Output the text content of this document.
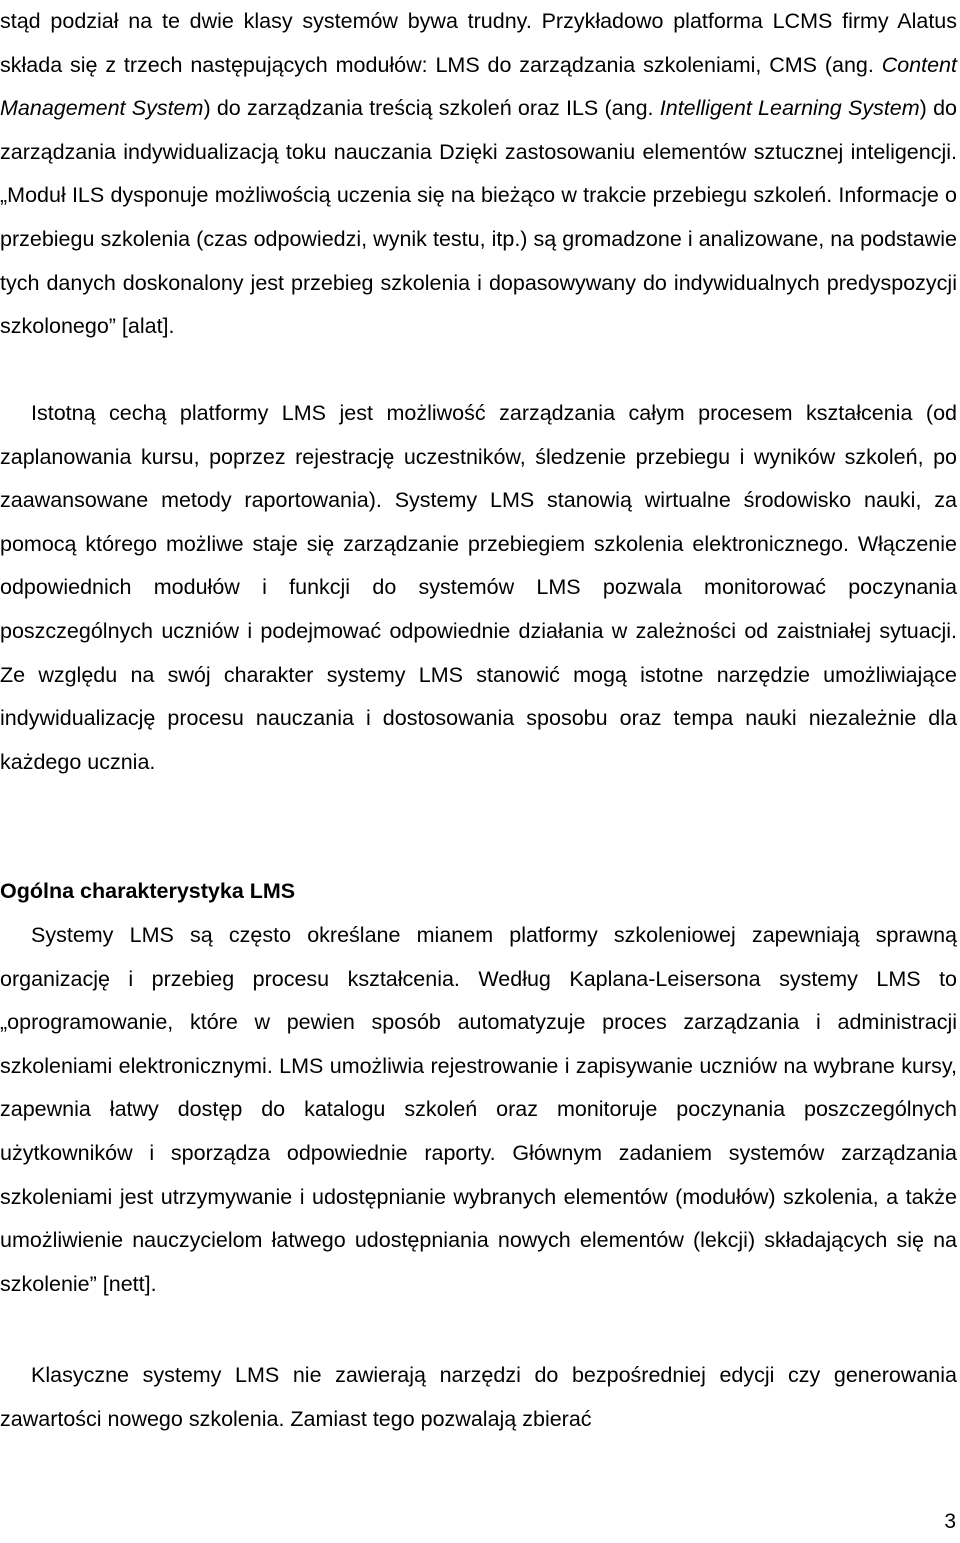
stąd podział na te dwie klasy systemów bywa trudny. Przykładowo platforma LCMS firmy Alatus składa się z trzech następujących modułów: LMS do zarządzania szkoleniami, CMS (ang. Content Management System) do zarządzania treścią szkoleń oraz ILS (ang. Intelligent Learning System) do zarządzania indywidualizacją toku nauczania Dzięki zastosowaniu elementów sztucznej inteligencji. „Moduł ILS dysponuje możliwością uczenia się na bieżąco w trakcie przebiegu szkoleń. Informacje o przebiegu szkolenia (czas odpowiedzi, wynik testu, itp.) są gromadzone i analizowane, na podstawie tych danych doskonalony jest przebieg szkolenia i dopasowywany do indywidualnych predyspozycji szkolonego” [alat].

Istotną cechą platformy LMS jest możliwość zarządzania całym procesem kształcenia (od zaplanowania kursu, poprzez rejestrację uczestników, śledzenie przebiegu i wyników szkoleń, po zaawansowane metody raportowania). Systemy LMS stanowią wirtualne środowisko nauki, za pomocą którego możliwe staje się zarządzanie przebiegiem szkolenia elektronicznego. Włączenie odpowiednich modułów i funkcji do systemów LMS pozwala monitorować poczynania poszczególnych uczniów i podejmować odpowiednie działania w zależności od zaistniałej sytuacji. Ze względu na swój charakter systemy LMS stanowić mogą istotne narzędzie umożliwiające indywidualizację procesu nauczania i dostosowania sposobu oraz tempa nauki niezależnie dla każdego ucznia.

Ogólna charakterystyka LMS

Systemy LMS są często określane mianem platformy szkoleniowej zapewniają sprawną organizację i przebieg procesu kształcenia. Według Kaplana-Leisersona systemy LMS to „oprogramowanie, które w pewien sposób automatyzuje proces zarządzania i administracji szkoleniami elektronicznymi. LMS umożliwia rejestrowanie i zapisywanie uczniów na wybrane kursy, zapewnia łatwy dostęp do katalogu szkoleń oraz monitoruje poczynania poszczególnych użytkowników i sporządza odpowiednie raporty. Głównym zadaniem systemów zarządzania szkoleniami jest utrzymywanie i udostępnianie wybranych elementów (modułów) szkolenia, a także umożliwienie nauczycielom łatwego udostępniania nowych elementów (lekcji) składających się na szkolenie” [nett].

Klasyczne systemy LMS nie zawierają narzędzi do bezpośredniej edycji czy generowania zawartości nowego szkolenia. Zamiast tego pozwalają zbierać

3
